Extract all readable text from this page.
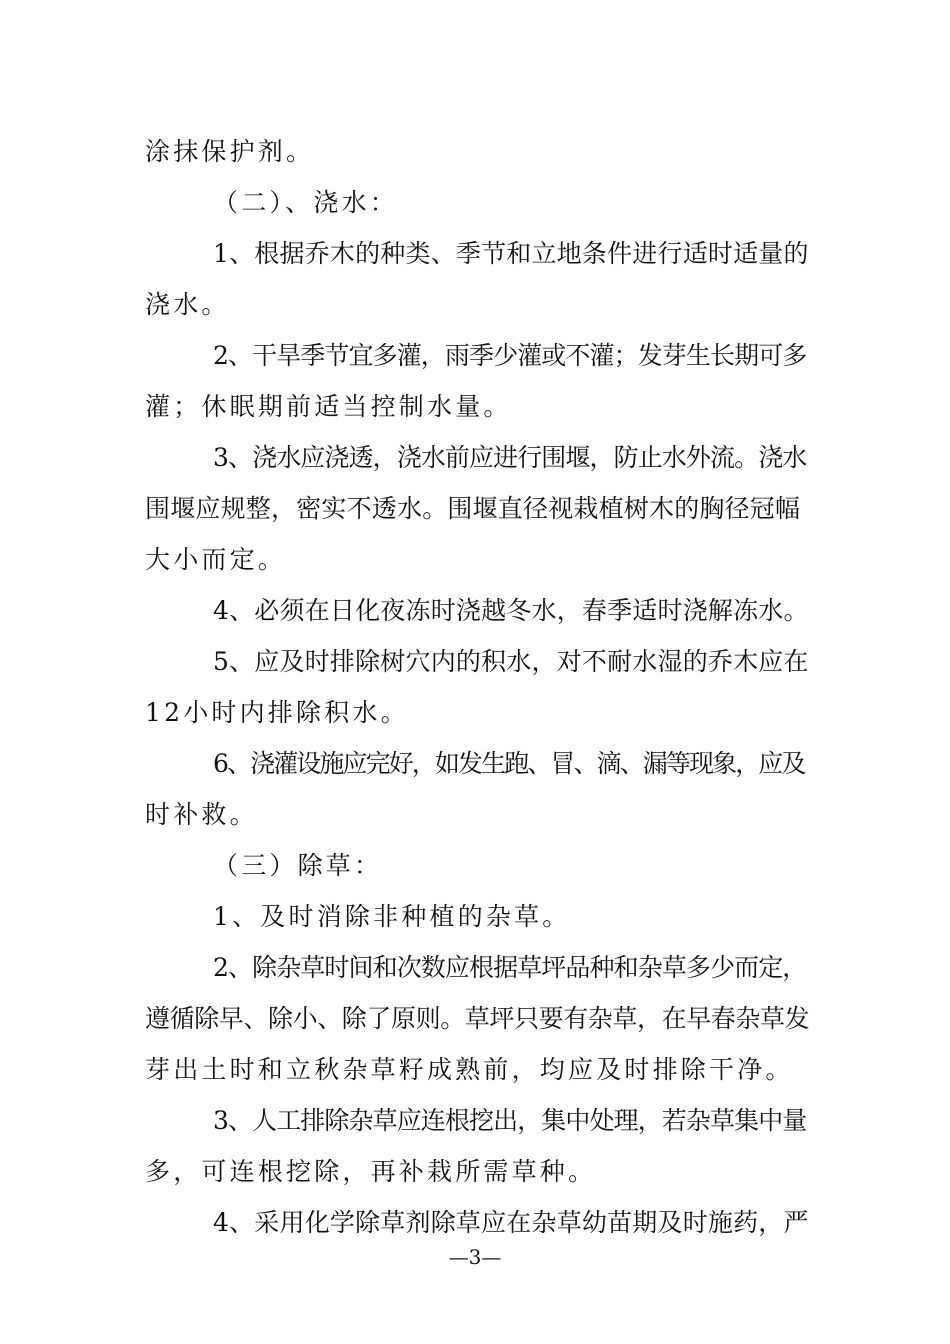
涂抹保护剂。
（二）、浇水：
1、根据乔木的种类、季节和立地条件进行适时适量的
浇水。
2、干旱季节宜多灌，雨季少灌或不灌；发芽生长期可多
灌；休眠期前适当控制水量。
3、浇水应浇透，浇水前应进行围堰，防止水外流。浇水
围堰应规整，密实不透水。围堰直径视栽植树木的胸径冠幅
大小而定。
4、必须在日化夜冻时浇越冬水，春季适时浇解冻水。
5、应及时排除树穴内的积水，对不耐水湿的乔木应在
12小时内排除积水。
6、浇灌设施应完好，如发生跑、冒、滴、漏等现象，应及
时补救。
（三）除草：
1、及时消除非种植的杂草。
2、除杂草时间和次数应根据草坪品种和杂草多少而定，
遵循除早、除小、除了原则。草坪只要有杂草，在早春杂草发
芽出土时和立秋杂草籽成熟前，均应及时排除干净。
3、人工排除杂草应连根挖出，集中处理，若杂草集中量
多，可连根挖除，再补栽所需草种。
4、采用化学除草剂除草应在杂草幼苗期及时施药，严
—3—
